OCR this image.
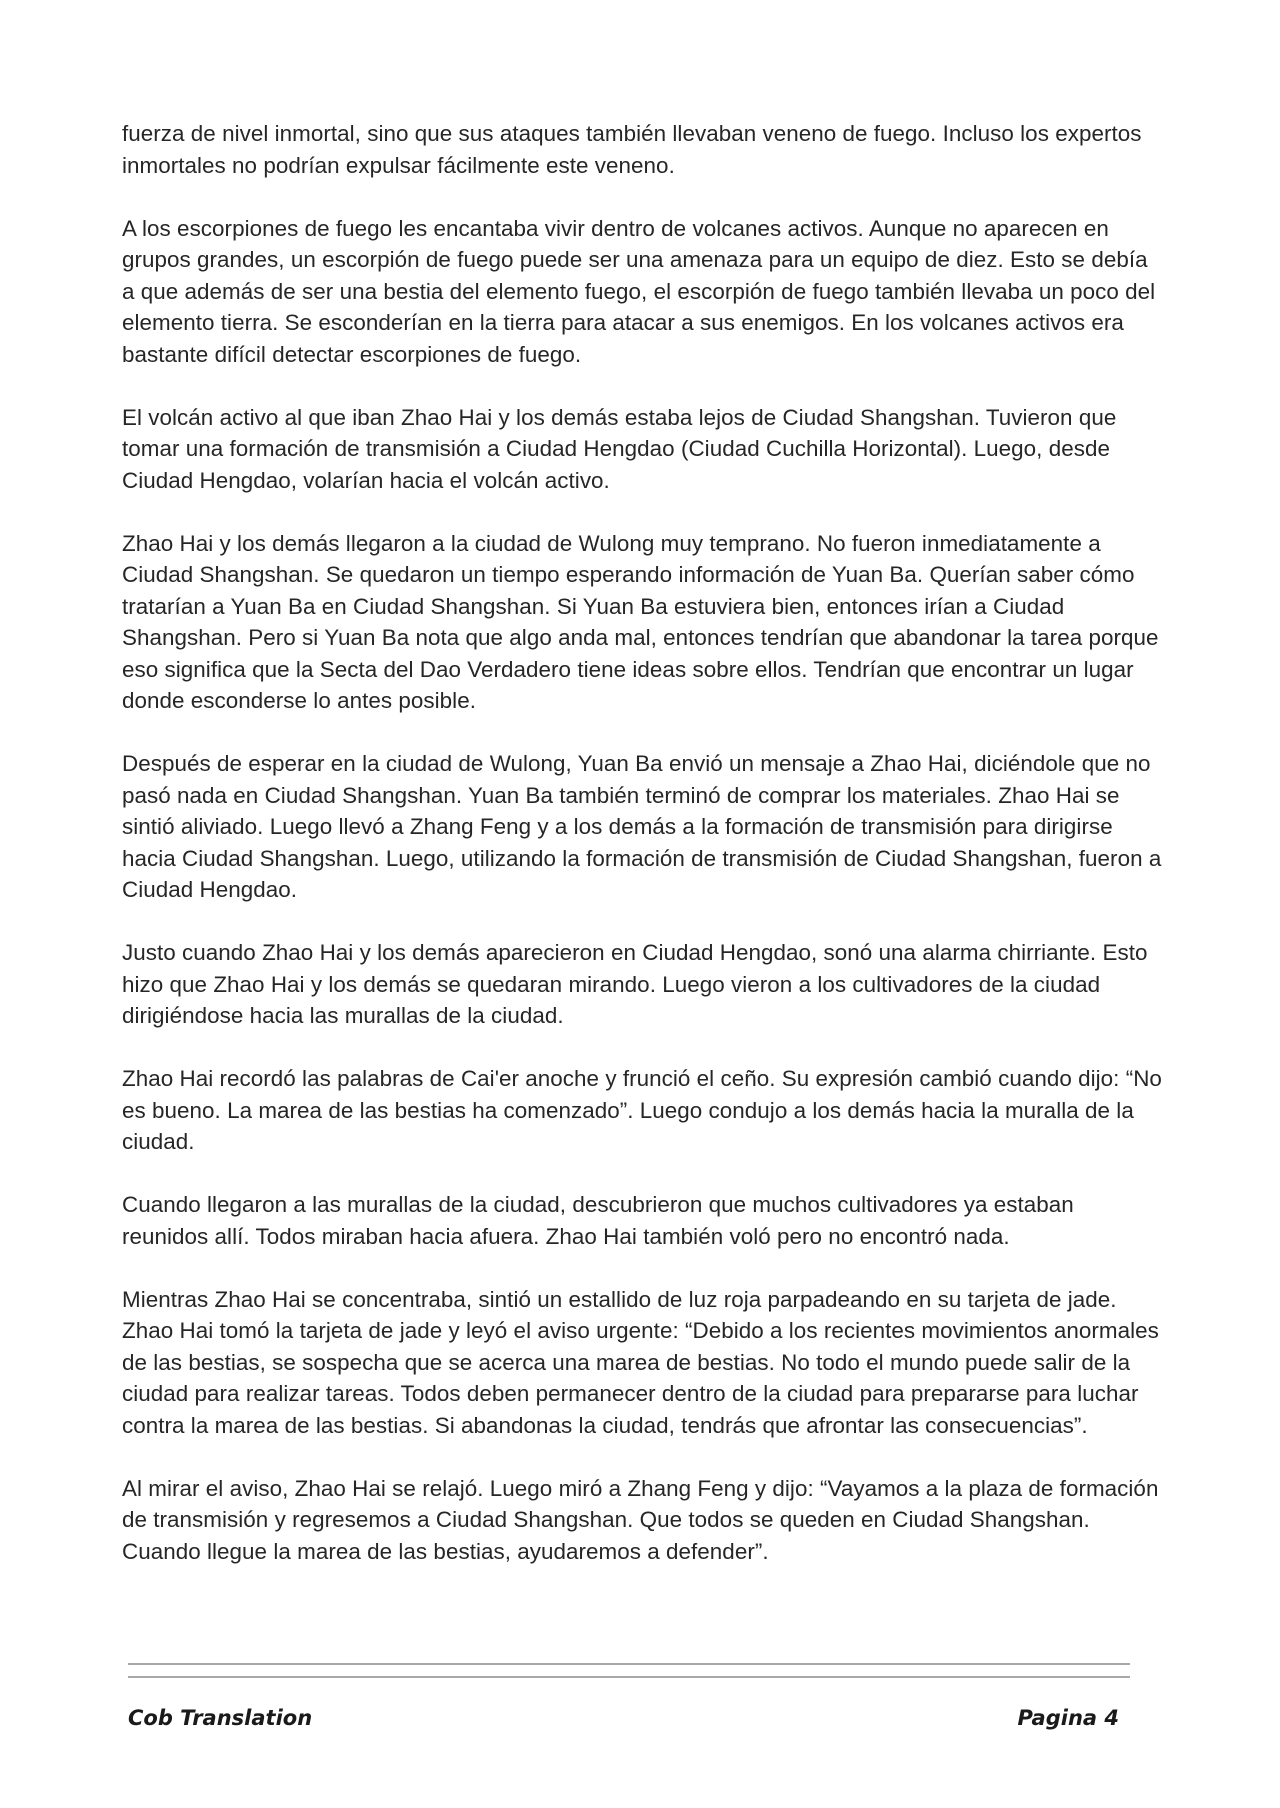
fuerza de nivel inmortal, sino que sus ataques también llevaban veneno de fuego. Incluso los expertos inmortales no podrían expulsar fácilmente este veneno.

A los escorpiones de fuego les encantaba vivir dentro de volcanes activos. Aunque no aparecen en grupos grandes, un escorpión de fuego puede ser una amenaza para un equipo de diez. Esto se debía a que además de ser una bestia del elemento fuego, el escorpión de fuego también llevaba un poco del elemento tierra. Se esconderían en la tierra para atacar a sus enemigos. En los volcanes activos era bastante difícil detectar escorpiones de fuego.

El volcán activo al que iban Zhao Hai y los demás estaba lejos de Ciudad Shangshan. Tuvieron que tomar una formación de transmisión a Ciudad Hengdao (Ciudad Cuchilla Horizontal). Luego, desde Ciudad Hengdao, volarían hacia el volcán activo.

Zhao Hai y los demás llegaron a la ciudad de Wulong muy temprano. No fueron inmediatamente a Ciudad Shangshan. Se quedaron un tiempo esperando información de Yuan Ba. Querían saber cómo tratarían a Yuan Ba en Ciudad Shangshan. Si Yuan Ba estuviera bien, entonces irían a Ciudad Shangshan. Pero si Yuan Ba nota que algo anda mal, entonces tendrían que abandonar la tarea porque eso significa que la Secta del Dao Verdadero tiene ideas sobre ellos. Tendrían que encontrar un lugar donde esconderse lo antes posible.

Después de esperar en la ciudad de Wulong, Yuan Ba envió un mensaje a Zhao Hai, diciéndole que no pasó nada en Ciudad Shangshan. Yuan Ba también terminó de comprar los materiales. Zhao Hai se sintió aliviado. Luego llevó a Zhang Feng y a los demás a la formación de transmisión para dirigirse hacia Ciudad Shangshan. Luego, utilizando la formación de transmisión de Ciudad Shangshan, fueron a Ciudad Hengdao.

Justo cuando Zhao Hai y los demás aparecieron en Ciudad Hengdao, sonó una alarma chirriante. Esto hizo que Zhao Hai y los demás se quedaran mirando. Luego vieron a los cultivadores de la ciudad dirigiéndose hacia las murallas de la ciudad.

Zhao Hai recordó las palabras de Cai'er anoche y frunció el ceño. Su expresión cambió cuando dijo: “No es bueno. La marea de las bestias ha comenzado”. Luego condujo a los demás hacia la muralla de la ciudad.

Cuando llegaron a las murallas de la ciudad, descubrieron que muchos cultivadores ya estaban reunidos allí. Todos miraban hacia afuera. Zhao Hai también voló pero no encontró nada.

Mientras Zhao Hai se concentraba, sintió un estallido de luz roja parpadeando en su tarjeta de jade. Zhao Hai tomó la tarjeta de jade y leyó el aviso urgente: “Debido a los recientes movimientos anormales de las bestias, se sospecha que se acerca una marea de bestias. No todo el mundo puede salir de la ciudad para realizar tareas. Todos deben permanecer dentro de la ciudad para prepararse para luchar contra la marea de las bestias. Si abandonas la ciudad, tendrás que afrontar las consecuencias”.

Al mirar el aviso, Zhao Hai se relajó. Luego miró a Zhang Feng y dijo: “Vayamos a la plaza de formación de transmisión y regresemos a Ciudad Shangshan. Que todos se queden en Ciudad Shangshan. Cuando llegue la marea de las bestias, ayudaremos a defender”.

Cob Translation	Pagina 4
